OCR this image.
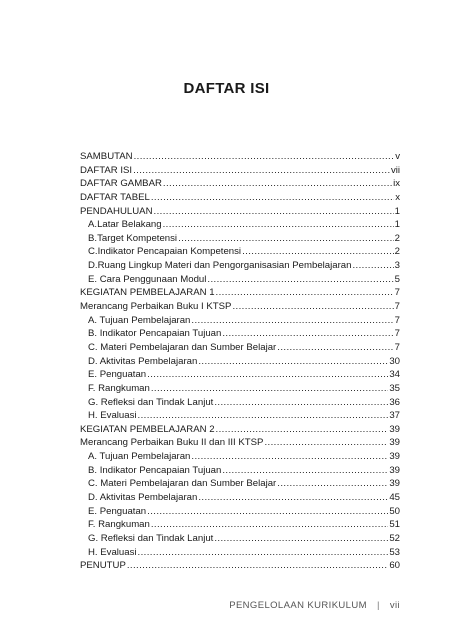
DAFTAR ISI
SAMBUTAN .....	v
DAFTAR ISI .....	vii
DAFTAR GAMBAR .....	ix
DAFTAR TABEL .....	x
PENDAHULUAN .....	1
A.Latar Belakang .....	1
B.Target Kompetensi .....	2
C.Indikator Pencapaian Kompetensi .....	2
D.Ruang Lingkup Materi dan Pengorganisasian Pembelajaran .....	3
E. Cara Penggunaan Modul .....	5
KEGIATAN PEMBELAJARAN 1 .....	7
Merancang Perbaikan Buku I KTSP .....	7
A. Tujuan Pembelajaran .....	7
B. Indikator Pencapaian Tujuan .....	7
C. Materi Pembelajaran dan Sumber Belajar .....	7
D. Aktivitas Pembelajaran .....	30
E. Penguatan .....	34
F. Rangkuman .....	35
G. Refleksi dan Tindak Lanjut .....	36
H. Evaluasi .....	37
KEGIATAN PEMBELAJARAN 2 .....	39
Merancang Perbaikan Buku II dan III KTSP .....	39
A. Tujuan Pembelajaran .....	39
B. Indikator Pencapaian Tujuan .....	39
C. Materi Pembelajaran dan Sumber Belajar .....	39
D. Aktivitas Pembelajaran .....	45
E. Penguatan .....	50
F. Rangkuman .....	51
G. Refleksi dan Tindak Lanjut .....	52
H. Evaluasi .....	53
PENUTUP .....	60
PENGELOLAAN KURIKULUM | vii
